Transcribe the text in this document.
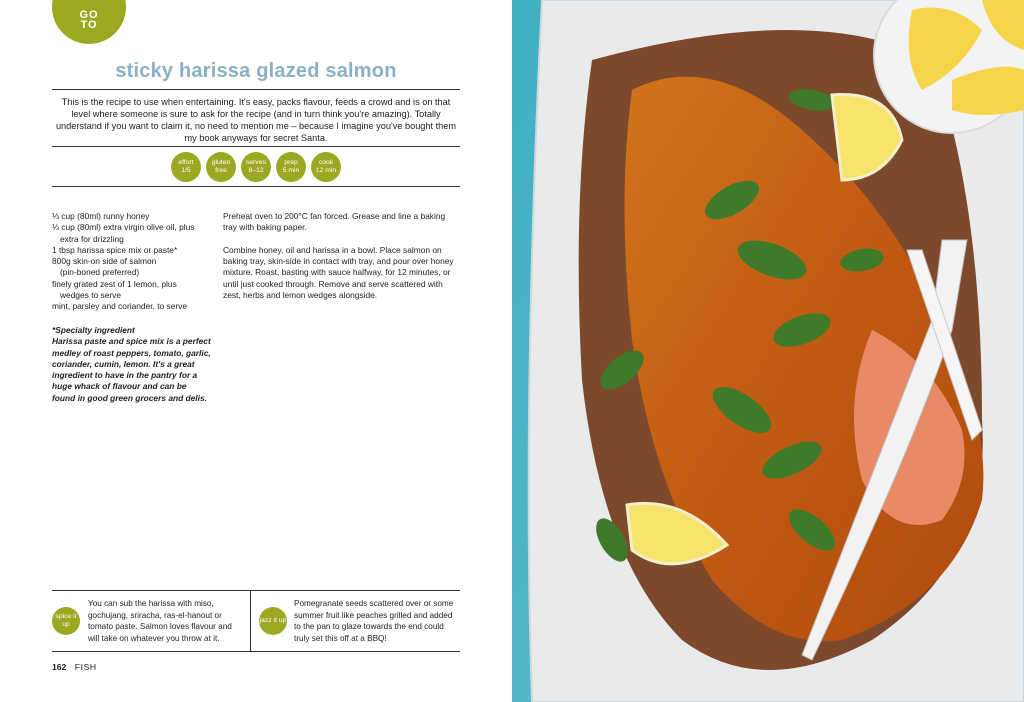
GO TO
sticky harissa glazed salmon
This is the recipe to use when entertaining. It's easy, packs flavour, feeds a crowd and is on that level where someone is sure to ask for the recipe (and in turn think you're amazing). Totally understand if you want to claim it, no need to mention me – because I imagine you've bought them my book anyways for secret Santa.
effort
1/5
gluten
free
serves
8–12
prep
5 min
cook
12 min
⅓ cup (80ml) runny honey
⅓ cup (80ml) extra virgin olive oil, plus
extra for drizzling
1 tbsp harissa spice mix or paste*
800g skin-on side of salmon
(pin-boned preferred)
finely grated zest of 1 lemon, plus
wedges to serve
mint, parsley and coriander, to serve
*Specialty ingredient
Harissa paste and spice mix is a perfect medley of roast peppers, tomato, garlic, coriander, cumin, lemon. It's a great ingredient to have in the pantry for a huge whack of flavour and can be found in good green grocers and delis.

Preheat oven to 200°C fan forced. Grease and line a baking tray with baking paper.

Combine honey, oil and harissa in a bowl. Place salmon on baking tray, skin-side in contact with tray, and pour over honey mixture. Roast, basting with sauce halfway, for 12 minutes, or until just cooked through. Remove and serve scattered with zest, herbs and lemon wedges alongside.

spice it up
You can sub the harissa with miso, gochujang, sriracha, ras-el-hanout or tomato paste. Salmon loves flavour and will take on whatever you throw at it.
jazz it up
Pomegranate seeds scattered over or some summer fruit like peaches grilled and added to the pan to glaze towards the end could truly set this off at a BBQ!
162 FISH
